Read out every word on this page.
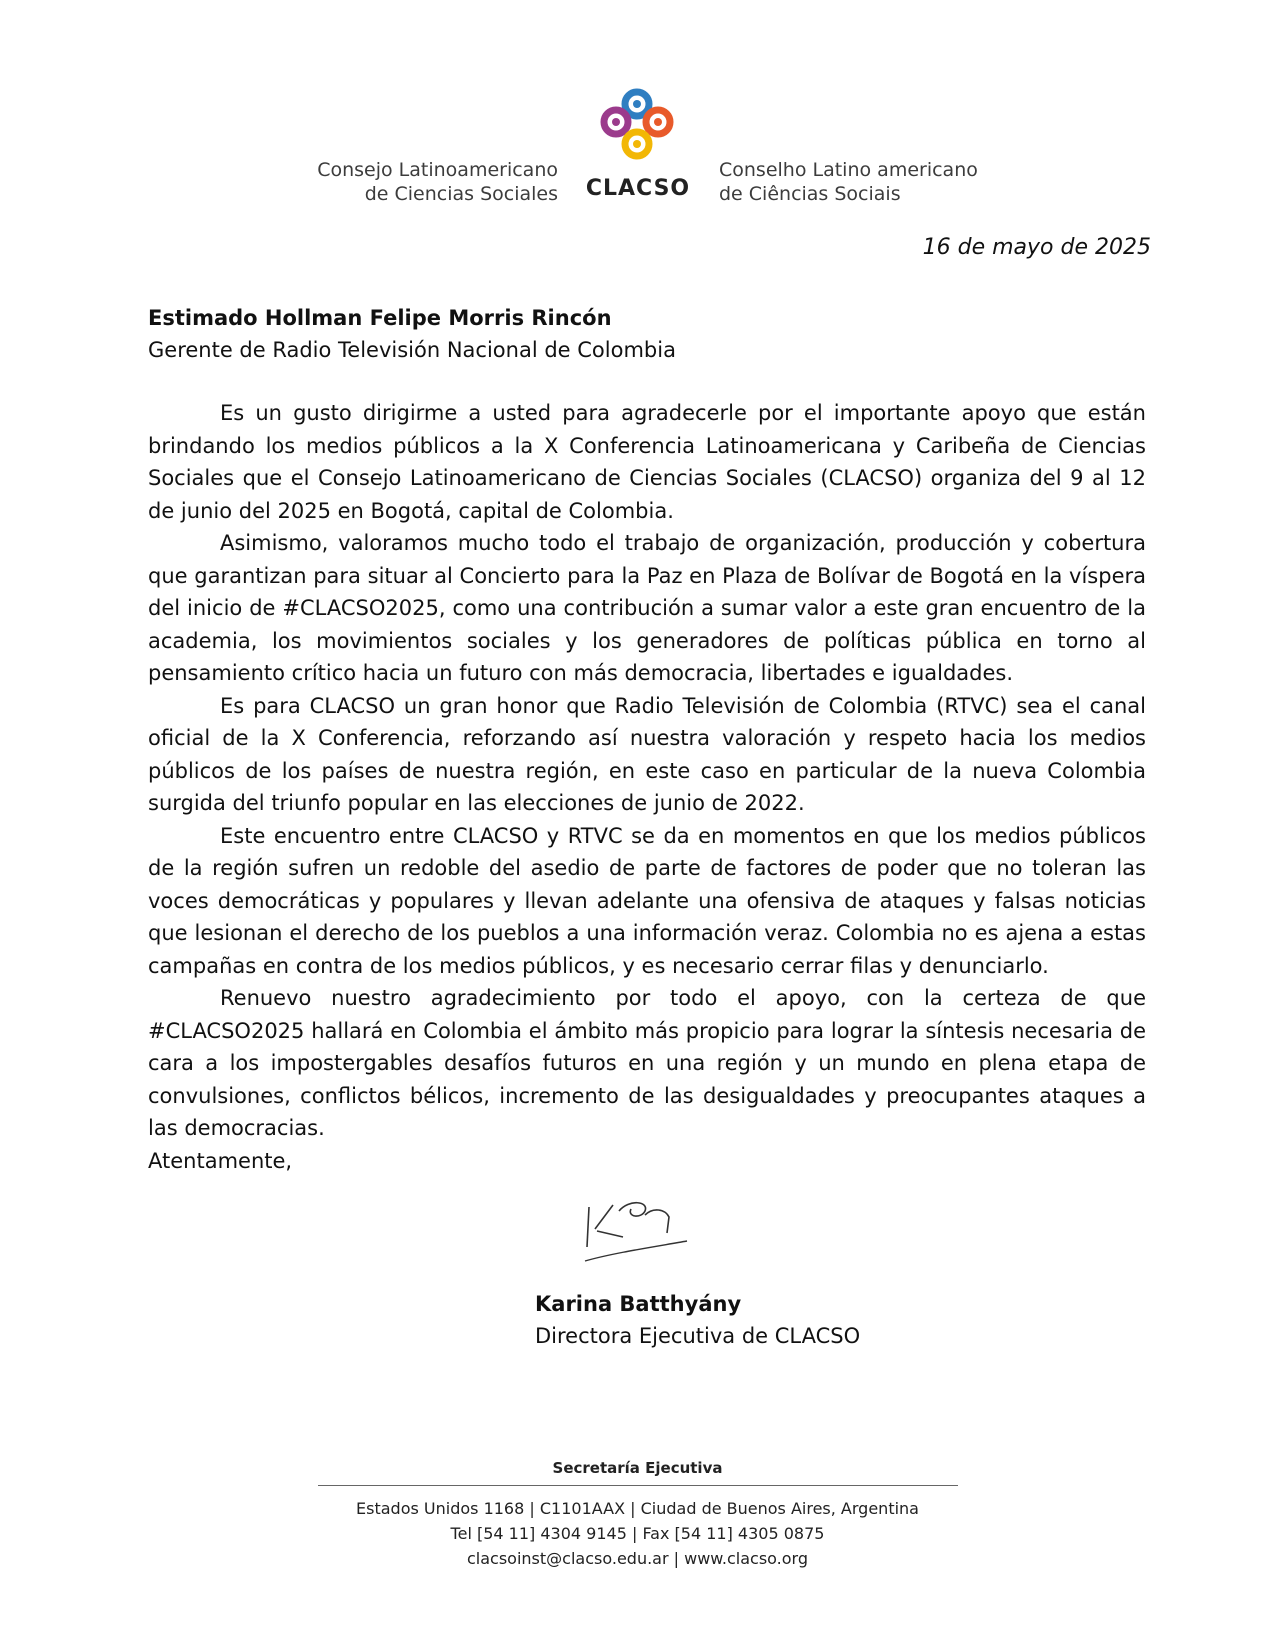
Consejo Latinoamericano
de Ciencias Sociales CLACSO
Conselho Latino americano
de Ciências Sociais
16 de mayo de 2025
Estimado Hollman Felipe Morris Rincón
Gerente de Radio Televisión Nacional de Colombia

Es un gusto dirigirme a usted para agradecerle por el importante apoyo que están brindando los medios públicos a la X Conferencia Latinoamericana y Caribeña de Ciencias Sociales que el Consejo Latinoamericano de Ciencias Sociales (CLACSO) organiza del 9 al 12 de junio del 2025 en Bogotá, capital de Colombia.

Asimismo, valoramos mucho todo el trabajo de organización, producción y cobertura que garantizan para situar al Concierto para la Paz en Plaza de Bolívar de Bogotá en la víspera del inicio de #CLACSO2025, como una contribución a sumar valor a este gran encuentro de la academia, los movimientos sociales y los generadores de políticas pública en torno al pensamiento crítico hacia un futuro con más democracia, libertades e igualdades.

Es para CLACSO un gran honor que Radio Televisión de Colombia (RTVC) sea el canal oficial de la X Conferencia, reforzando así nuestra valoración y respeto hacia los medios públicos de los países de nuestra región, en este caso en particular de la nueva Colombia surgida del triunfo popular en las elecciones de junio de 2022.

Este encuentro entre CLACSO y RTVC se da en momentos en que los medios públicos de la región sufren un redoble del asedio de parte de factores de poder que no toleran las voces democráticas y populares y llevan adelante una ofensiva de ataques y falsas noticias que lesionan el derecho de los pueblos a una información veraz. Colombia no es ajena a estas campañas en contra de los medios públicos, y es necesario cerrar filas y denunciarlo.

Renuevo nuestro agradecimiento por todo el apoyo, con la certeza de que #CLACSO2025 hallará en Colombia el ámbito más propicio para lograr la síntesis necesaria de cara a los impostergables desafíos futuros en una región y un mundo en plena etapa de convulsiones, conflictos bélicos, incremento de las desigualdades y preocupantes ataques a las democracias.

Atentamente,

Karina Batthyány
Directora Ejecutiva de CLACSO
Secretaría Ejecutiva
Estados Unidos 1168 | C1101AAX | Ciudad de Buenos Aires, Argentina
Tel [54 11] 4304 9145 | Fax [54 11] 4305 0875
clacsoinst@clacso.edu.ar | www.clacso.org
